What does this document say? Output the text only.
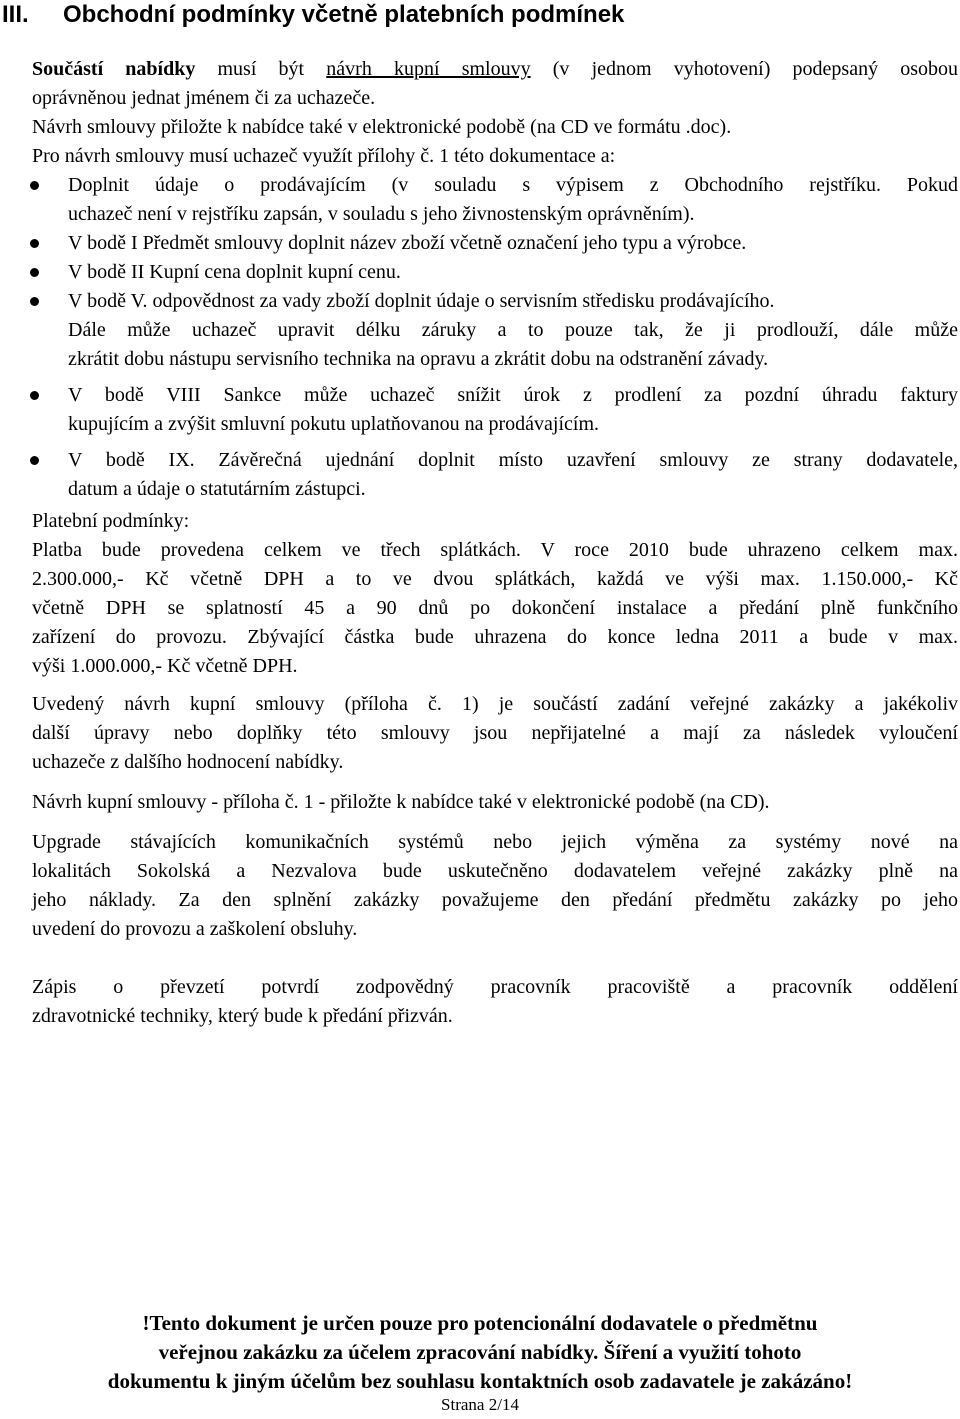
III. Obchodní podmínky včetně platebních podmínek
Součástí nabídky musí být návrh kupní smlouvy (v jednom vyhotovení) podepsaný osobou
oprávněnou jednat jménem či za uchazeče.
Návrh smlouvy přiložte k nabídce také v elektronické podobě (na CD ve formátu .doc).
Pro návrh smlouvy musí uchazeč využít přílohy č. 1 této dokumentace a:
Doplnit údaje o prodávajícím (v souladu s výpisem z Obchodního rejstříku. Pokud
uchazeč není v rejstříku zapsán, v souladu s jeho živnostenským oprávněním).
V bodě I Předmět smlouvy doplnit název zboží včetně označení jeho typu a výrobce.
V bodě II Kupní cena doplnit kupní cenu.
V bodě V. odpovědnost za vady zboží doplnit údaje o servisním středisku prodávajícího.
Dále může uchazeč upravit délku záruky a to pouze tak, že ji prodlouží, dále může
zkrátit dobu nástupu servisního technika na opravu a zkrátit dobu na odstranění závady.
V bodě VIII Sankce může uchazeč snížit úrok z prodlení za pozdní úhradu faktury
kupujícím a zvýšit smluvní pokutu uplatňovanou na prodávajícím.
V bodě IX. Závěrečná ujednání doplnit místo uzavření smlouvy ze strany dodavatele,
datum a údaje o statutárním zástupci.
Platební podmínky:
Platba bude provedena celkem ve třech splátkách. V roce 2010 bude uhrazeno celkem max.
2.300.000,- Kč včetně DPH a to ve dvou splátkách, každá ve výši max. 1.150.000,- Kč
včetně DPH se splatností 45 a 90 dnů po dokončení instalace a předání plně funkčního
zařízení do provozu. Zbývající částka bude uhrazena do konce ledna 2011 a bude v max.
výši 1.000.000,- Kč včetně DPH.
Uvedený návrh kupní smlouvy (příloha č. 1) je součástí zadání veřejné zakázky a jakékoliv
další úpravy nebo doplňky této smlouvy jsou nepřijatelné a mají za následek vyloučení
uchazeče z dalšího hodnocení nabídky.
Návrh kupní smlouvy - příloha č. 1 - přiložte k nabídce také v elektronické podobě (na CD).
Upgrade stávajících komunikačních systémů nebo jejich výměna za systémy nové na
lokalitách Sokolská a Nezvalova bude uskutečněno dodavatelem veřejné zakázky plně na
jeho náklady. Za den splnění zakázky považujeme den předání předmětu zakázky po jeho
uvedení do provozu a zaškolení obsluhy.
Zápis o převzetí potvrdí zodpovědný pracovník pracoviště a pracovník oddělení
zdravotnické techniky, který bude k předání přizván.
!Tento dokument je určen pouze pro potencionální dodavatele o předmětnu
veřejnou zakázku za účelem zpracování nabídky. Šíření a využití tohoto
dokumentu k jiným účelům bez souhlasu kontaktních osob zadavatele je zakázáno!
Strana 2/14
